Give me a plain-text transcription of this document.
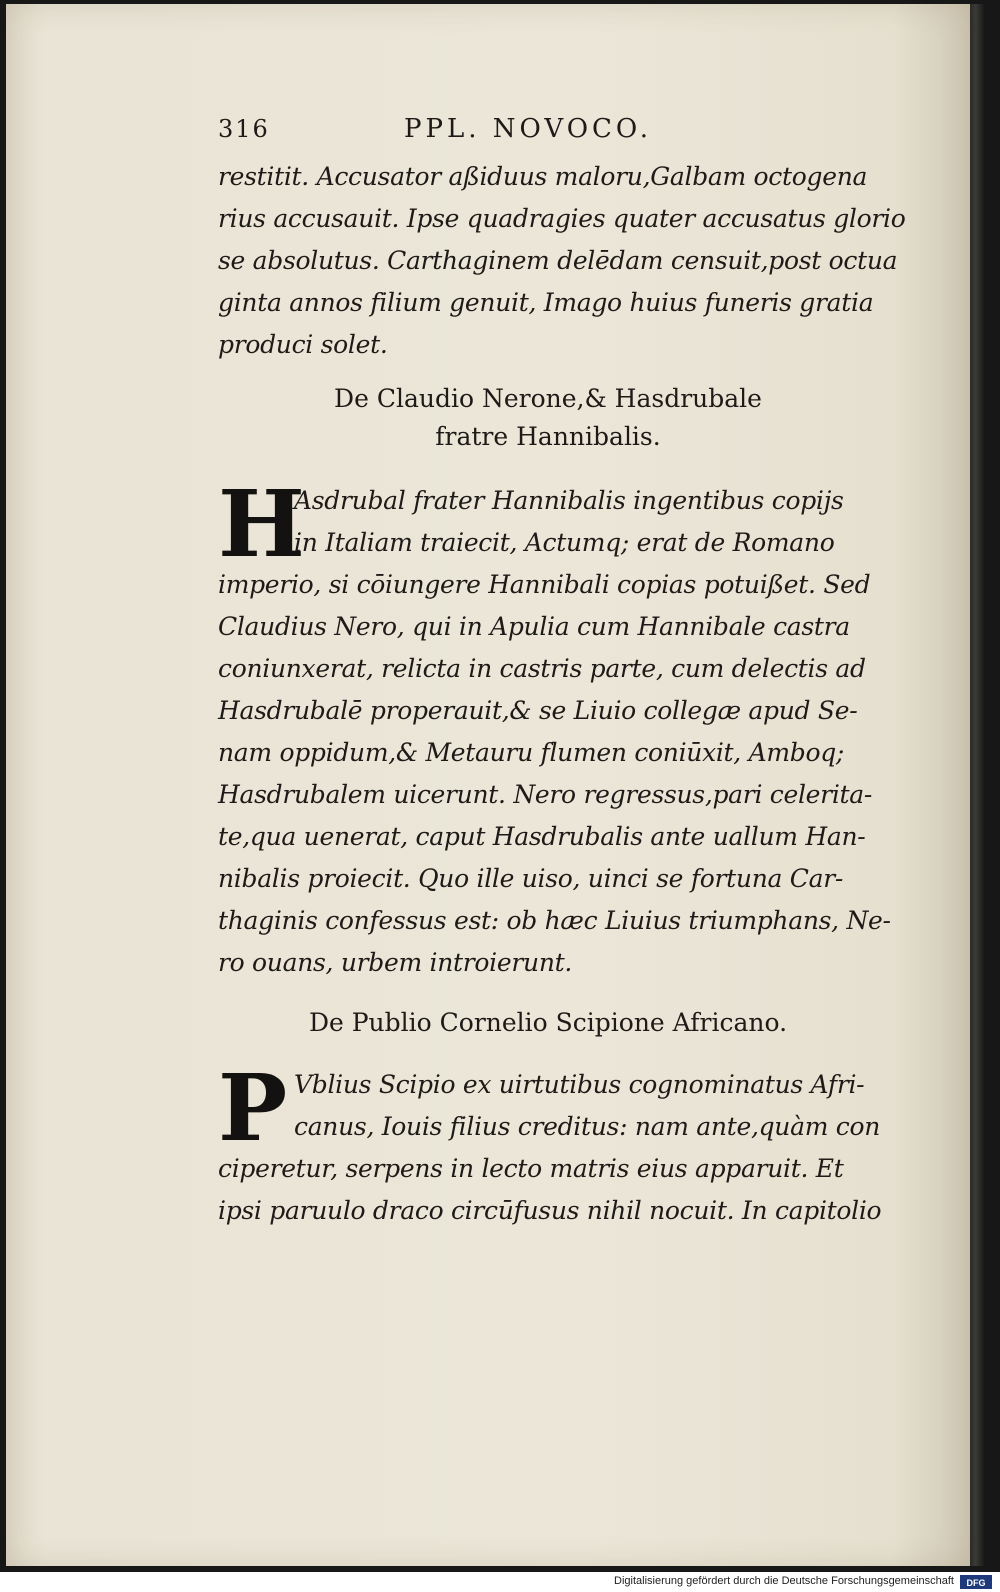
316	PPL. NOVOCO.
restitit. Accusator aßiduus maloru,Galbam octogena
rius accusauit. Ipse quadragies quater accusatus glorio
se absolutus. Carthaginem delēdam censuit,post octua
ginta annos filium genuit, Imago huius funeris gratia
produci solet.
De Claudio Nerone,& Hasdrubale
fratre Hannibalis.
H
Asdrubal frater Hannibalis ingentibus copijs
in Italiam traiecit, Actumq; erat de Romano
imperio, si cōiungere Hannibali copias potuißet. Sed
Claudius Nero, qui in Apulia cum Hannibale castra
coniunxerat, relicta in castris parte, cum delectis ad
Hasdrubalē properauit,& se Liuio collegæ apud Se-
nam oppidum,& Metauru flumen coniūxit, Amboq;
Hasdrubalem uicerunt. Nero regressus,pari celerita-
te,qua uenerat, caput Hasdrubalis ante uallum Han-
nibalis proiecit. Quo ille uiso, uinci se fortuna Car-
thaginis confessus est: ob hæc Liuius triumphans, Ne-
ro ouans, urbem introierunt.
De Publio Cornelio Scipione Africano.
P Vblius Scipio ex uirtutibus cognominatus Afri-
canus, Iouis filius creditus: nam ante,quàm con
ciperetur, serpens in lecto matris eius apparuit. Et
ipsi paruulo draco circūfusus nihil nocuit. In capitolio
Digitalisierung gefördert durch die Deutsche Forschungsgemeinschaft	DFG
